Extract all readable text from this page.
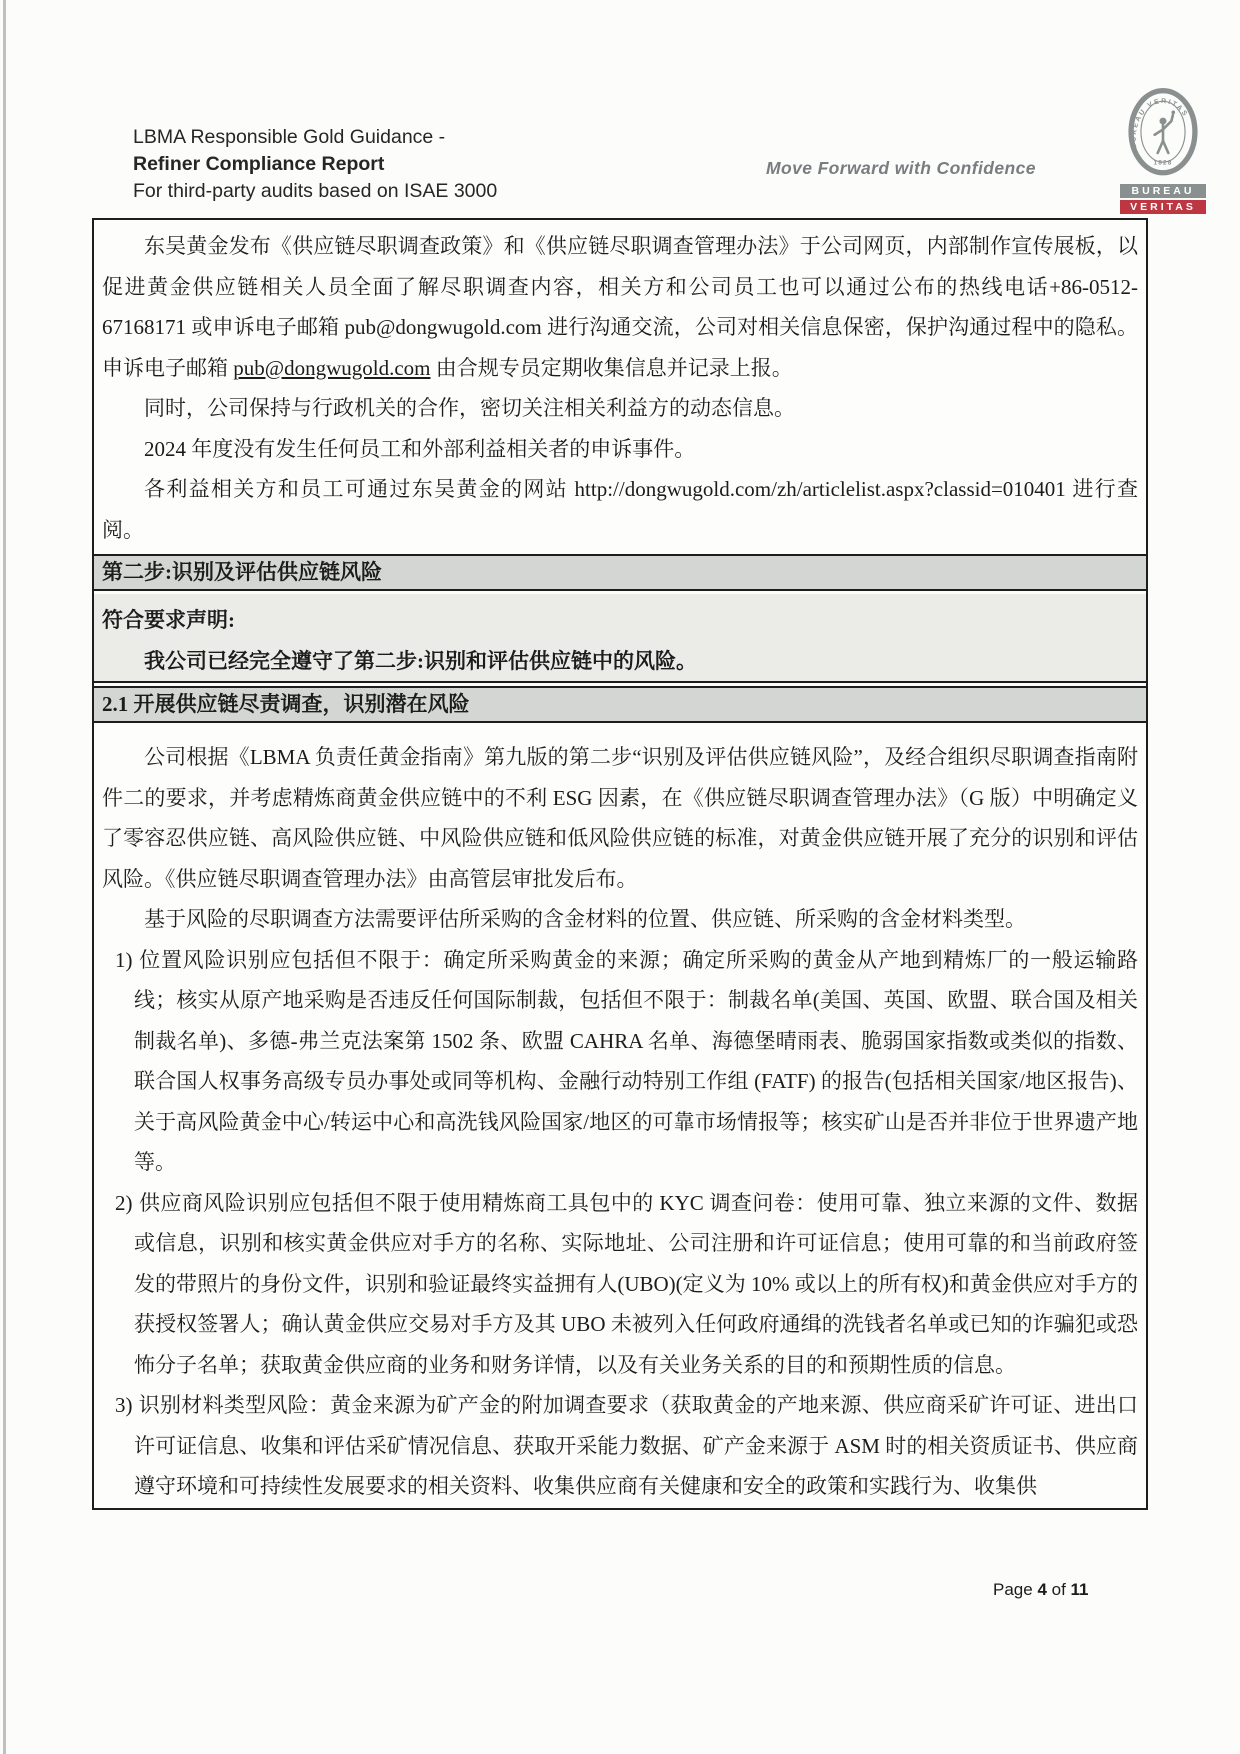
LBMA Responsible Gold Guidance -
Refiner Compliance Report
For third-party audits based on ISAE 3000
Move Forward with Confidence
BUREAU VERITAS
1828
BUREAU
VERITAS

东吴黄金发布《供应链尽职调查政策》和《供应链尽职调查管理办法》于公司网页，内部制作宣传展板，以促进黄金供应链相关人员全面了解尽职调查内容，相关方和公司员工也可以通过公布的热线电话+86-0512-67168171 或申诉电子邮箱 pub@dongwugold.com 进行沟通交流，公司对相关信息保密，保护沟通过程中的隐私。申诉电子邮箱 pub@dongwugold.com 由合规专员定期收集信息并记录上报。

同时，公司保持与行政机关的合作，密切关注相关利益方的动态信息。

2024 年度没有发生任何员工和外部利益相关者的申诉事件。

各利益相关方和员工可通过东吴黄金的网站 http://dongwugold.com/zh/articlelist.aspx?classid=010401 进行查阅。

第二步:识别及评估供应链风险

符合要求声明:

我公司已经完全遵守了第二步:识别和评估供应链中的风险。

2.1 开展供应链尽责调查，识别潜在风险

公司根据《LBMA 负责任黄金指南》第九版的第二步“识别及评估供应链风险”，及经合组织尽职调查指南附件二的要求，并考虑精炼商黄金供应链中的不利 ESG 因素，在《供应链尽职调查管理办法》（G 版）中明确定义了零容忍供应链、高风险供应链、中风险供应链和低风险供应链的标准，对黄金供应链开展了充分的识别和评估风险。《供应链尽职调查管理办法》由高管层审批发后布。

基于风险的尽职调查方法需要评估所采购的含金材料的位置、供应链、所采购的含金材料类型。

1) 位置风险识别应包括但不限于：确定所采购黄金的来源；确定所采购的黄金从产地到精炼厂的一般运输路线；核实从原产地采购是否违反任何国际制裁，包括但不限于：制裁名单(美国、英国、欧盟、联合国及相关制裁名单)、多德-弗兰克法案第 1502 条、欧盟 CAHRA 名单、海德堡晴雨表、脆弱国家指数或类似的指数、联合国人权事务高级专员办事处或同等机构、金融行动特别工作组 (FATF) 的报告(包括相关国家/地区报告)、关于高风险黄金中心/转运中心和高洗钱风险国家/地区的可靠市场情报等；核实矿山是否并非位于世界遗产地等。
2) 供应商风险识别应包括但不限于使用精炼商工具包中的 KYC 调查问卷：使用可靠、独立来源的文件、数据或信息，识别和核实黄金供应对手方的名称、实际地址、公司注册和许可证信息；使用可靠的和当前政府签发的带照片的身份文件，识别和验证最终实益拥有人(UBO)(定义为 10% 或以上的所有权)和黄金供应对手方的获授权签署人；确认黄金供应交易对手方及其 UBO 未被列入任何政府通缉的洗钱者名单或已知的诈骗犯或恐怖分子名单；获取黄金供应商的业务和财务详情，以及有关业务关系的目的和预期性质的信息。
3) 识别材料类型风险：黄金来源为矿产金的附加调查要求（获取黄金的产地来源、供应商采矿许可证、进出口许可证信息、收集和评估采矿情况信息、获取开采能力数据、矿产金来源于 ASM 时的相关资质证书、供应商遵守环境和可持续性发展要求的相关资料、收集供应商有关健康和安全的政策和实践行为、收集供
Page 4 of 11
